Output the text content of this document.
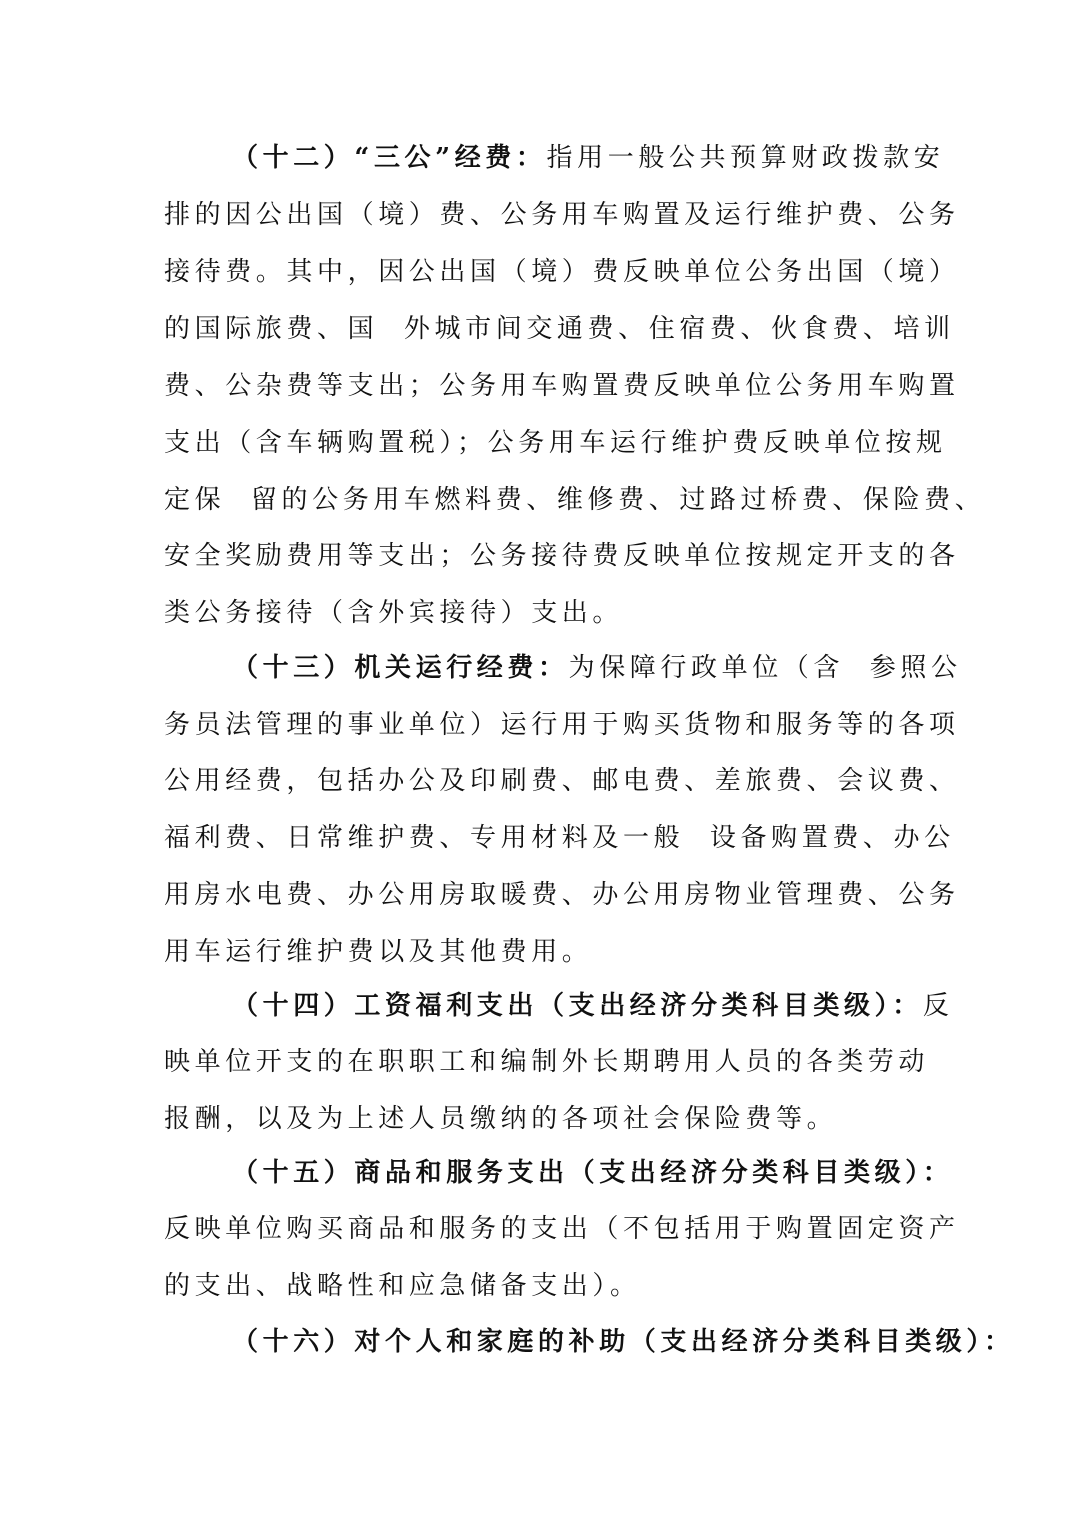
（十二）“三公”经费：指用一般公共预算财政拨款安
排的因公出国（境）费、公务用车购置及运行维护费、公务
接待费。其中，因公出国（境）费反映单位公务出国（境）
的国际旅费、国  外城市间交通费、住宿费、伙食费、培训
费、公杂费等支出；公务用车购置费反映单位公务用车购置
支出（含车辆购置税）；公务用车运行维护费反映单位按规
定保  留的公务用车燃料费、维修费、过路过桥费、保险费、
安全奖励费用等支出；公务接待费反映单位按规定开支的各
类公务接待（含外宾接待）支出。
（十三）机关运行经费：为保障行政单位（含  参照公
务员法管理的事业单位）运行用于购买货物和服务等的各项
公用经费，包括办公及印刷费、邮电费、差旅费、会议费、
福利费、日常维护费、专用材料及一般  设备购置费、办公
用房水电费、办公用房取暖费、办公用房物业管理费、公务
用车运行维护费以及其他费用。
（十四）工资福利支出（支出经济分类科目类级）：反
映单位开支的在职职工和编制外长期聘用人员的各类劳动
报酬，以及为上述人员缴纳的各项社会保险费等。
（十五）商品和服务支出（支出经济分类科目类级）：
反映单位购买商品和服务的支出（不包括用于购置固定资产
的支出、战略性和应急储备支出）。
（十六）对个人和家庭的补助（支出经济分类科目类级）：
